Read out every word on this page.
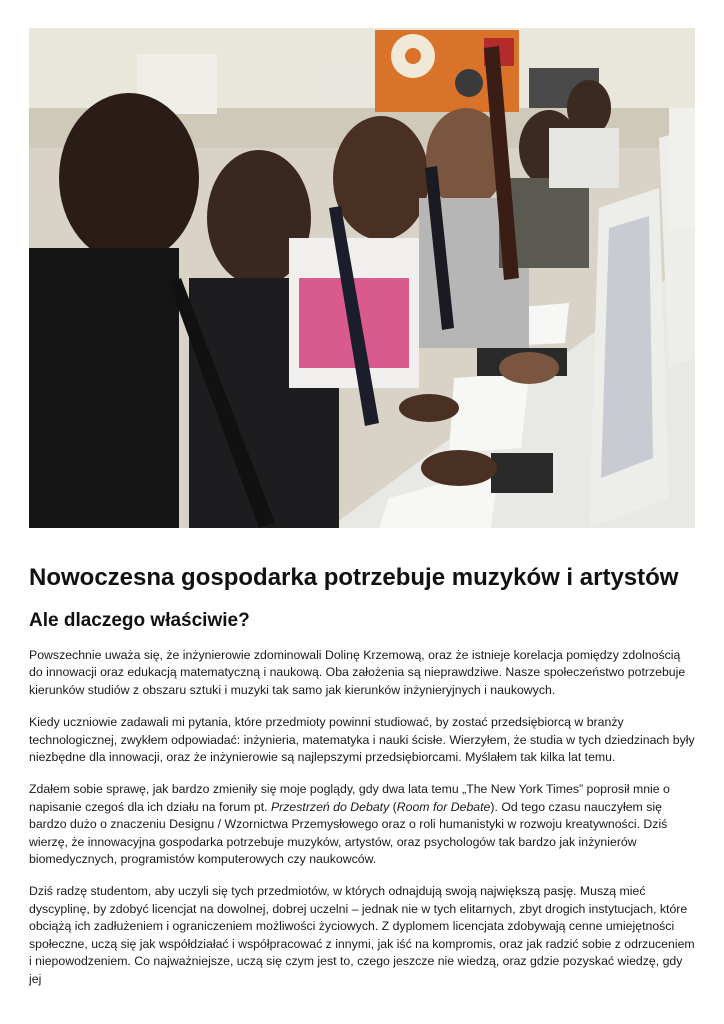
Nowoczesna gospodarka potrzebuje muzyków i artystów
Ale dlaczego właściwie?

Powszechnie uważa się, że inżynierowie zdominowali Dolinę Krzemową, oraz że istnieje korelacja pomiędzy zdolnością do innowacji oraz edukacją matematyczną i naukową. Oba założenia są nieprawdziwe. Nasze społeczeństwo potrzebuje kierunków studiów z obszaru sztuki i muzyki tak samo jak kierunków inżynieryjnych i naukowych.

Kiedy uczniowie zadawali mi pytania, które przedmioty powinni studiować, by zostać przedsiębiorcą w branży technologicznej, zwykłem odpowiadać: inżynieria, matematyka i nauki ścisłe. Wierzyłem, że studia w tych dziedzinach były niezbędne dla innowacji, oraz że inżynierowie są najlepszymi przedsiębiorcami. Myślałem tak kilka lat temu.

Zdałem sobie sprawę, jak bardzo zmieniły się moje poglądy, gdy dwa lata temu „The New York Times” poprosił mnie o napisanie czegoś dla ich działu na forum pt. Przestrzeń do Debaty (Room for Debate). Od tego czasu nauczyłem się bardzo dużo o znaczeniu Designu / Wzornictwa Przemysłowego oraz o roli humanistyki w rozwoju kreatywności. Dziś wierzę, że innowacyjna gospodarka potrzebuje muzyków, artystów, oraz psychologów tak bardzo jak inżynierów biomedycznych, programistów komputerowych czy naukowców.

Dziś radzę studentom, aby uczyli się tych przedmiotów, w których odnajdują swoją największą pasję. Muszą mieć dyscyplinę, by zdobyć licencjat na dowolnej, dobrej uczelni – jednak nie w tych elitarnych, zbyt drogich instytucjach, które obciążą ich zadłużeniem i ograniczeniem możliwości życiowych. Z dyplomem licencjata zdobywają cenne umiejętności społeczne, uczą się jak współdziałać i współpracować z innymi, jak iść na kompromis, oraz jak radzić sobie z odrzuceniem i niepowodzeniem. Co najważniejsze, uczą się czym jest to, czego jeszcze nie wiedzą, oraz gdzie pozyskać wiedzę, gdy jej
